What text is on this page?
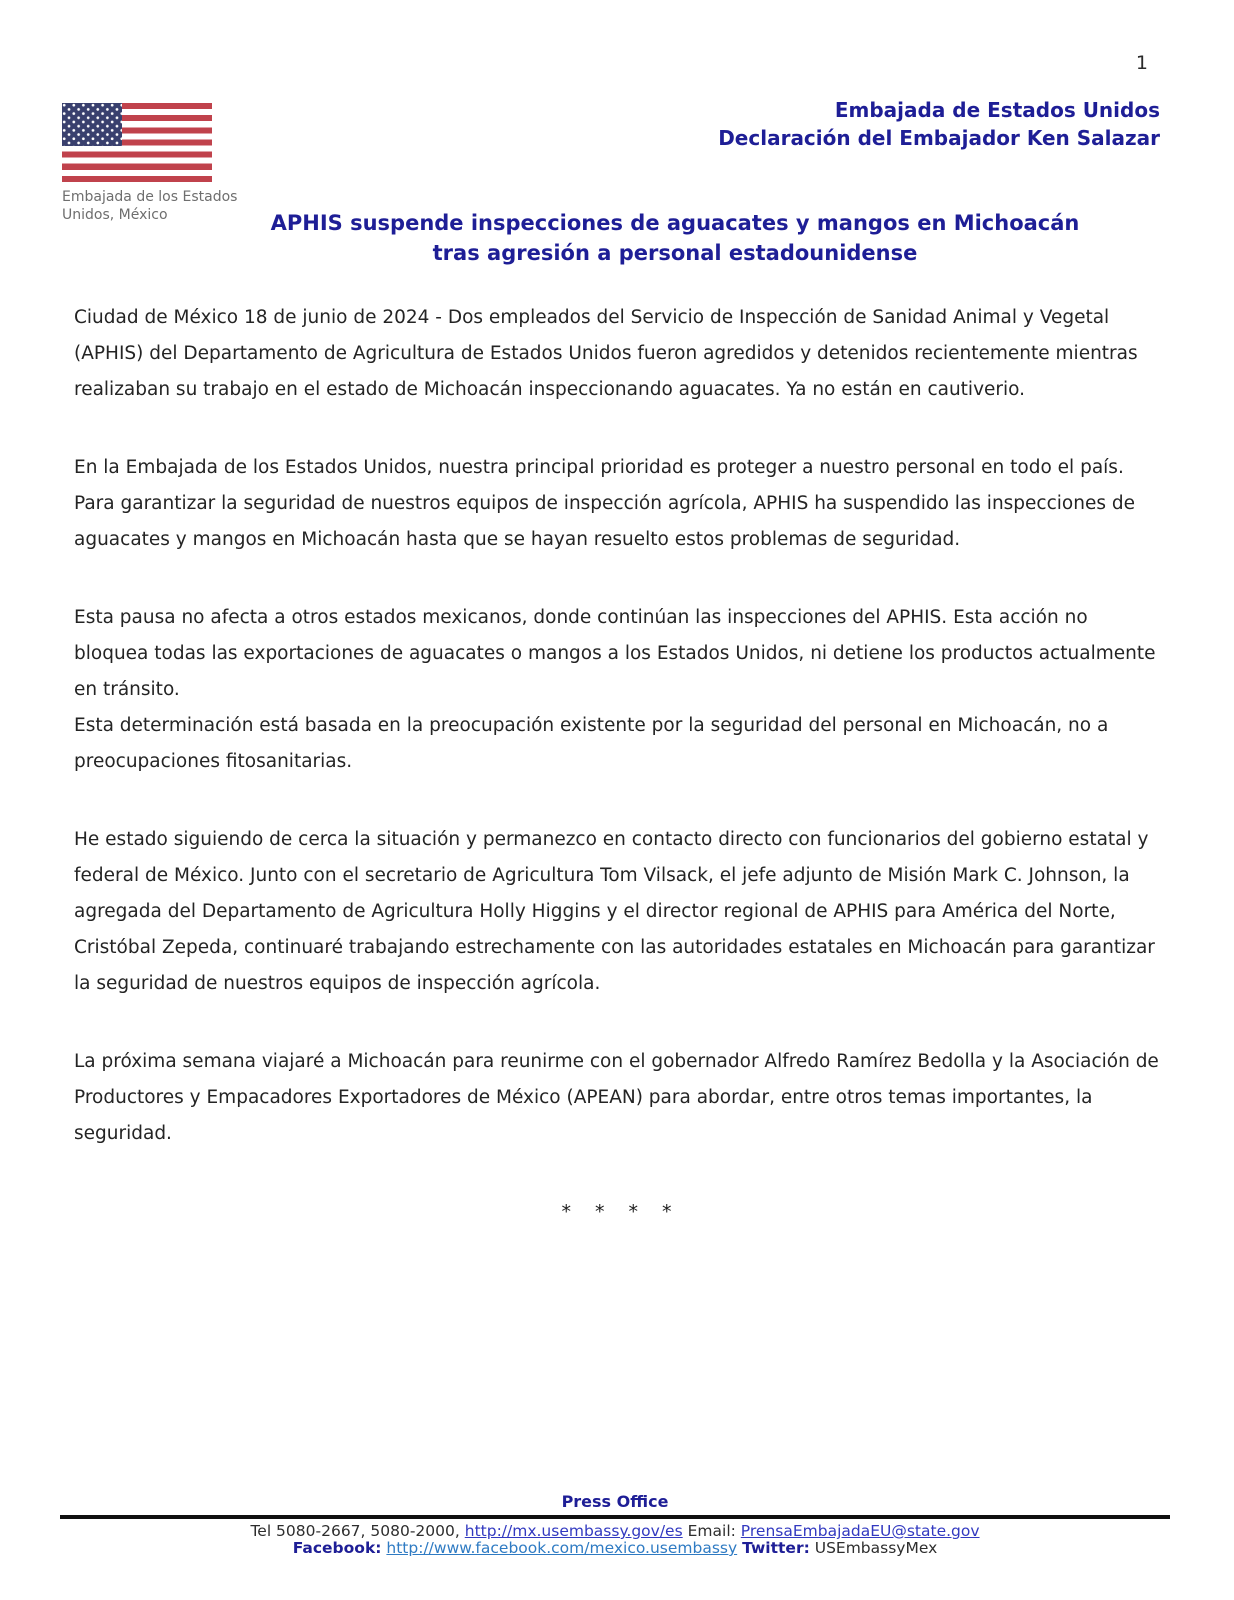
1
Embajada de Estados Unidos
Declaración del Embajador Ken Salazar
Embajada de los Estados
Unidos, México	APHIS suspende inspecciones de aguacates y mangos en Michoacán
tras agresión a personal estadounidense

Ciudad de México 18 de junio de 2024 - Dos empleados del Servicio de Inspección de Sanidad Animal y Vegetal (APHIS) del Departamento de Agricultura de Estados Unidos fueron agredidos y detenidos recientemente mientras realizaban su trabajo en el estado de Michoacán inspeccionando aguacates. Ya no están en cautiverio.

En la Embajada de los Estados Unidos, nuestra principal prioridad es proteger a nuestro personal en todo el país. Para garantizar la seguridad de nuestros equipos de inspección agrícola, APHIS ha suspendido las inspecciones de aguacates y mangos en Michoacán hasta que se hayan resuelto estos problemas de seguridad.

Esta pausa no afecta a otros estados mexicanos, donde continúan las inspecciones del APHIS. Esta acción no bloquea todas las exportaciones de aguacates o mangos a los Estados Unidos, ni detiene los productos actualmente en tránsito.

Esta determinación está basada en la preocupación existente por la seguridad del personal en Michoacán, no a preocupaciones fitosanitarias.

He estado siguiendo de cerca la situación y permanezco en contacto directo con funcionarios del gobierno estatal y federal de México. Junto con el secretario de Agricultura Tom Vilsack, el jefe adjunto de Misión Mark C. Johnson, la agregada del Departamento de Agricultura Holly Higgins y el director regional de APHIS para América del Norte, Cristóbal Zepeda, continuaré trabajando estrechamente con las autoridades estatales en Michoacán para garantizar la seguridad de nuestros equipos de inspección agrícola.

La próxima semana viajaré a Michoacán para reunirme con el gobernador Alfredo Ramírez Bedolla y la Asociación de Productores y Empacadores Exportadores de México (APEAN) para abordar, entre otros temas importantes, la seguridad.

* * * *
Press Office
Tel 5080-2667, 5080-2000, http://mx.usembassy.gov/es Email: PrensaEmbajadaEU@state.gov
Facebook: http://www.facebook.com/mexico.usembassy Twitter: USEmbassyMex
